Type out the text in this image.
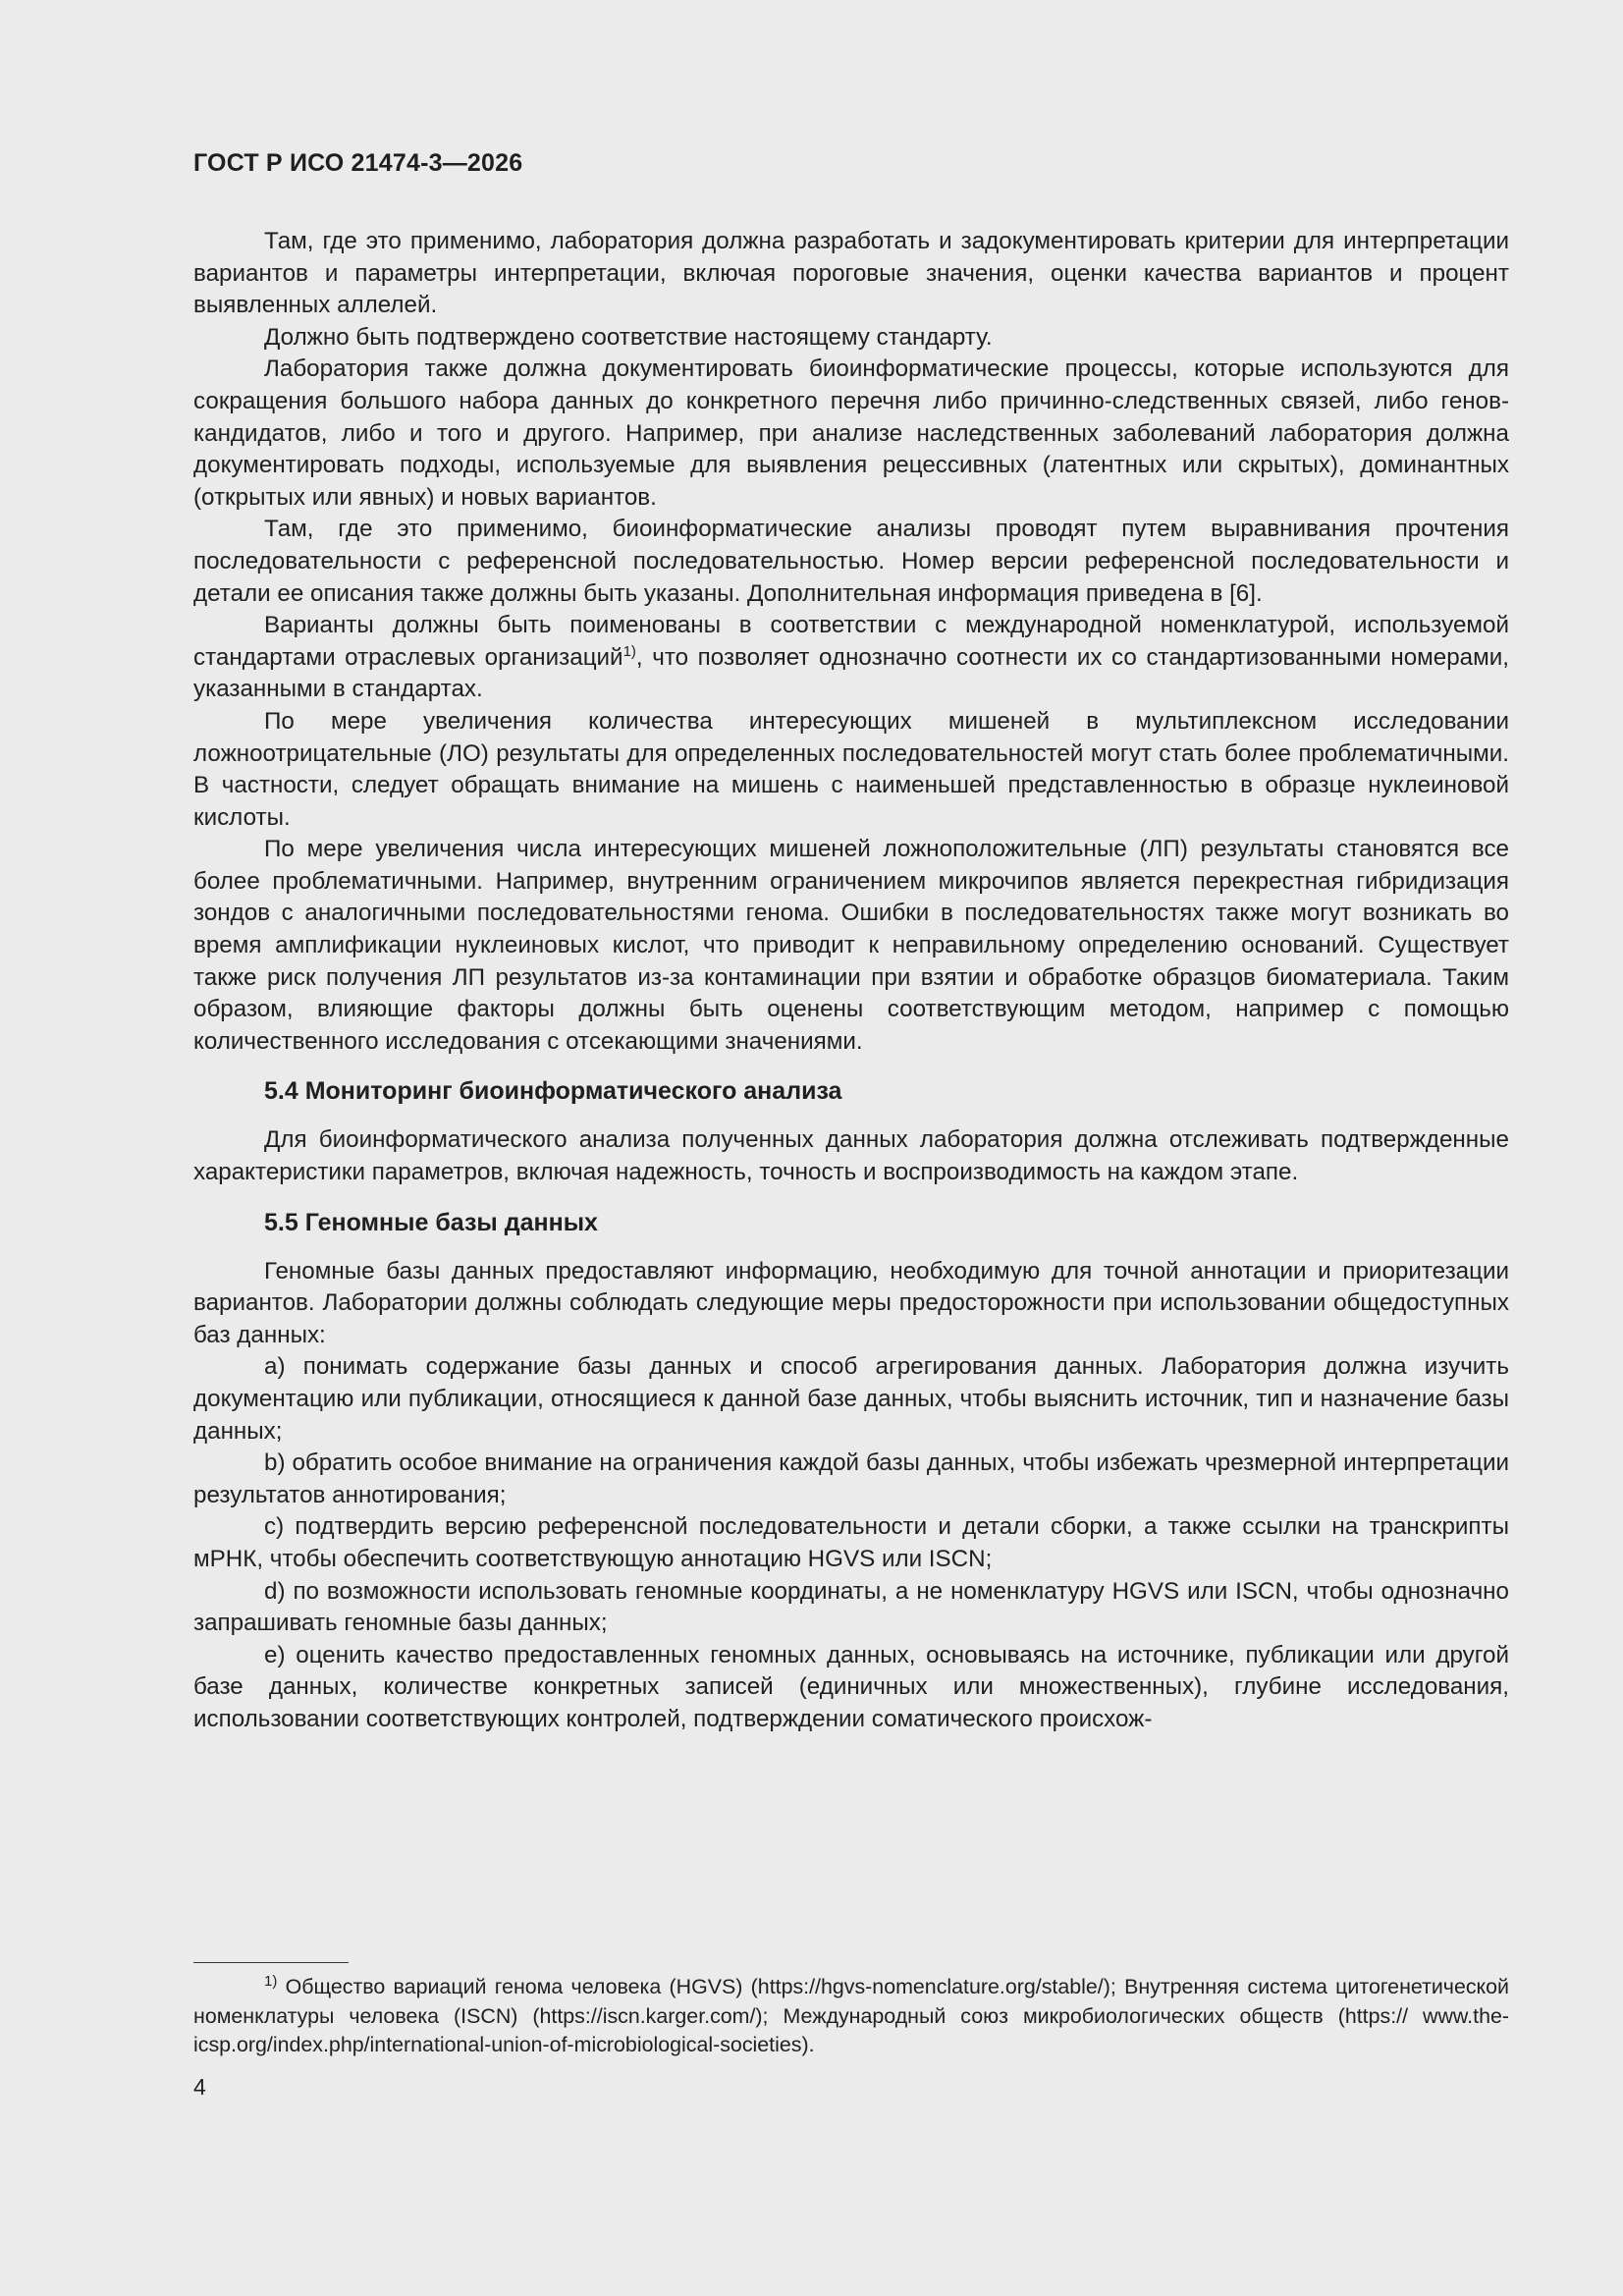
ГОСТ Р ИСО 21474-3—2026

Там, где это применимо, лаборатория должна разработать и задокументировать критерии для интерпретации вариантов и параметры интерпретации, включая пороговые значения, оценки качества вариантов и процент выявленных аллелей.

Должно быть подтверждено соответствие настоящему стандарту.

Лаборатория также должна документировать биоинформатические процессы, которые используются для сокращения большого набора данных до конкретного перечня либо причинно-следственных связей, либо генов-кандидатов, либо и того и другого. Например, при анализе наследственных заболеваний лаборатория должна документировать подходы, используемые для выявления рецессивных (латентных или скрытых), доминантных (открытых или явных) и новых вариантов.

Там, где это применимо, биоинформатические анализы проводят путем выравнивания прочтения последовательности с референсной последовательностью. Номер версии референсной последовательности и детали ее описания также должны быть указаны. Дополнительная информация приведена в [6].

Варианты должны быть поименованы в соответствии с международной номенклатурой, используемой стандартами отраслевых организаций$^{1)}$, что позволяет однозначно соотнести их со стандартизованными номерами, указанными в стандартах.

По мере увеличения количества интересующих мишеней в мультиплексном исследовании ложноотрицательные (ЛО) результаты для определенных последовательностей могут стать более проблематичными. В частности, следует обращать внимание на мишень с наименьшей представленностью в образце нуклеиновой кислоты.

По мере увеличения числа интересующих мишеней ложноположительные (ЛП) результаты становятся все более проблематичными. Например, внутренним ограничением микрочипов является перекрестная гибридизация зондов с аналогичными последовательностями генома. Ошибки в последовательностях также могут возникать во время амплификации нуклеиновых кислот, что приводит к неправильному определению оснований. Существует также риск получения ЛП результатов из-за контаминации при взятии и обработке образцов биоматериала. Таким образом, влияющие факторы должны быть оценены соответствующим методом, например с помощью количественного исследования с отсекающими значениями.

5.4 Мониторинг биоинформатического анализа

Для биоинформатического анализа полученных данных лаборатория должна отслеживать подтвержденные характеристики параметров, включая надежность, точность и воспроизводимость на каждом этапе.

5.5 Геномные базы данных

Геномные базы данных предоставляют информацию, необходимую для точной аннотации и приоритезации вариантов. Лаборатории должны соблюдать следующие меры предосторожности при использовании общедоступных баз данных:

a) понимать содержание базы данных и способ агрегирования данных. Лаборатория должна изучить документацию или публикации, относящиеся к данной базе данных, чтобы выяснить источник, тип и назначение базы данных;

b) обратить особое внимание на ограничения каждой базы данных, чтобы избежать чрезмерной интерпретации результатов аннотирования;

c) подтвердить версию референсной последовательности и детали сборки, а также ссылки на транскрипты мРНК, чтобы обеспечить соответствующую аннотацию HGVS или ISCN;

d) по возможности использовать геномные координаты, а не номенклатуру HGVS или ISCN, чтобы однозначно запрашивать геномные базы данных;

e) оценить качество предоставленных геномных данных, основываясь на источнике, публикации или другой базе данных, количестве конкретных записей (единичных или множественных), глубине исследования, использовании соответствующих контролей, подтверждении соматического происхож-

$^{1)}$ Общество вариаций генома человека (HGVS) (https://hgvs-nomenclature.org/stable/); Внутренняя система цитогенетической номенклатуры человека (ISCN) (https://iscn.karger.com/); Международный союз микробиологических обществ (https:// www.the-icsp.org/index.php/international-union-of-microbiological-societies).
4
